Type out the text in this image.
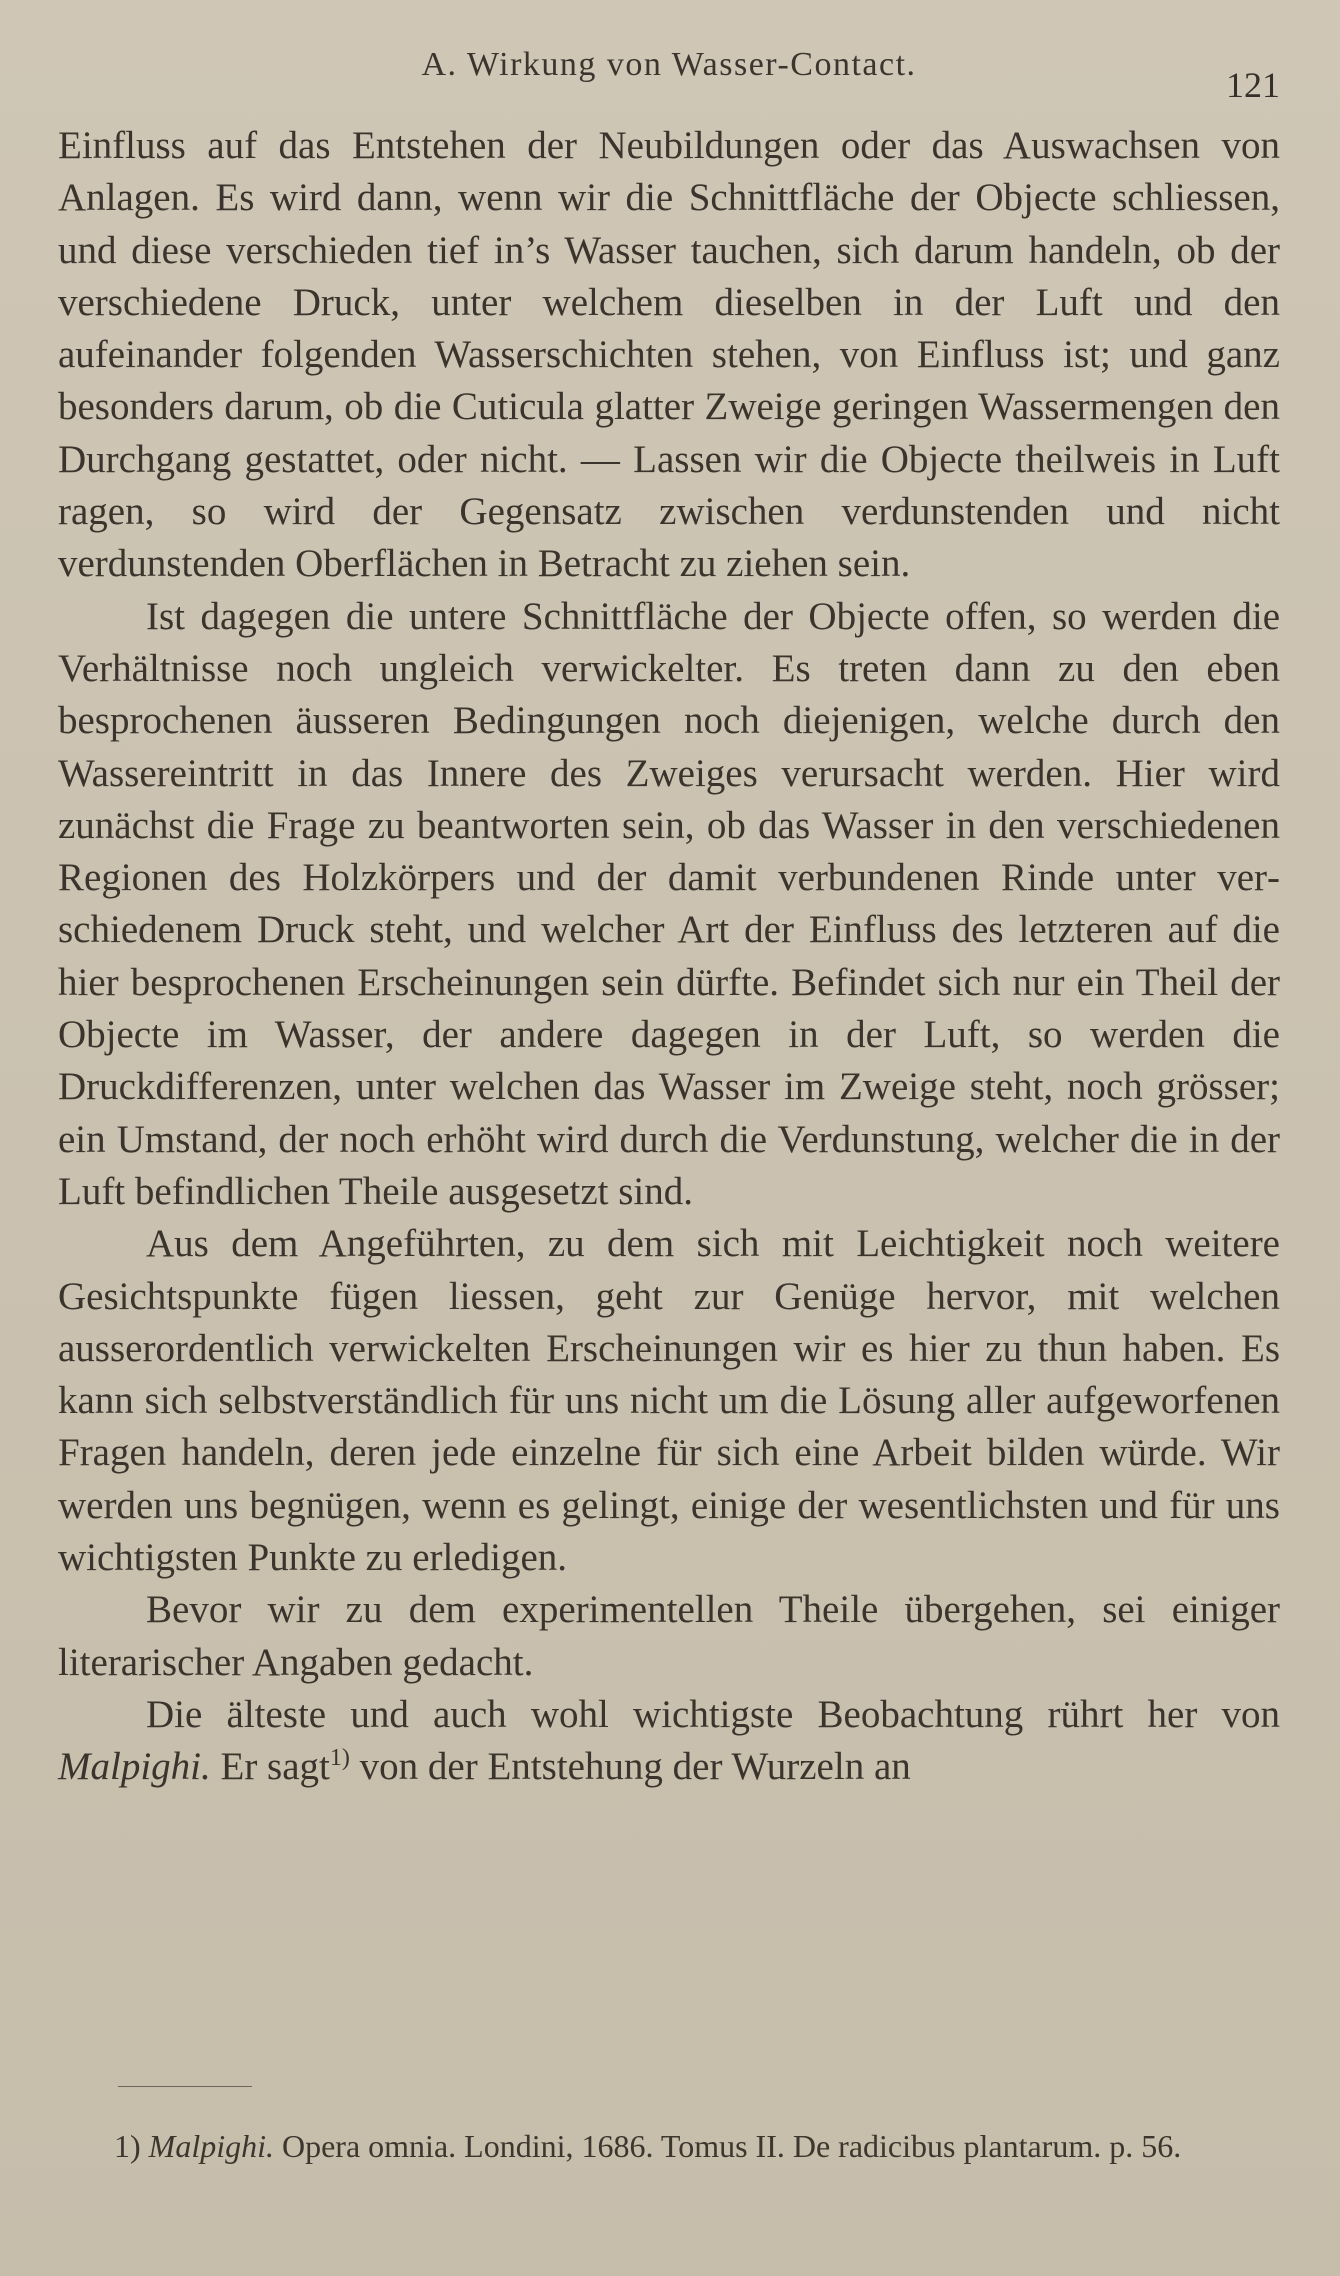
A. Wirkung von Wasser-Contact.
121

Einfluss auf das Entstehen der Neubildungen oder das Auswachsen von Anlagen. Es wird dann, wenn wir die Schnittfläche der Objecte schliessen, und diese verschieden tief in’s Wasser tauchen, sich darum handeln, ob der verschiedene Druck, unter welchem dieselben in der Luft und den aufeinander folgenden Wasserschichten stehen, von Einfluss ist; und ganz besonders darum, ob die Cuticula glatter Zweige geringen Wassermengen den Durchgang gestattet, oder nicht. — Lassen wir die Objecte theilweis in Luft ragen, so wird der Gegensatz zwischen verdunstenden und nicht verdunstenden Oberflächen in Betracht zu ziehen sein.

Ist dagegen die untere Schnittfläche der Objecte offen, so werden die Verhältnisse noch ungleich verwickelter. Es treten dann zu den eben besprochenen äusseren Bedingungen noch diejenigen, welche durch den Wassereintritt in das Innere des Zweiges verursacht werden. Hier wird zunächst die Frage zu beantworten sein, ob das Wasser in den verschiedenen Regionen des Holzkörpers und der damit verbundenen Rinde unter verschiedenem Druck steht, und welcher Art der Einfluss des letzteren auf die hier besprochenen Erscheinungen sein dürfte. Befindet sich nur ein Theil der Objecte im Wasser, der andere dagegen in der Luft, so werden die Druckdifferenzen, unter welchen das Wasser im Zweige steht, noch grösser; ein Umstand, der noch erhöht wird durch die Verdunstung, welcher die in der Luft befindlichen Theile ausgesetzt sind.

Aus dem Angeführten, zu dem sich mit Leichtigkeit noch weitere Gesichtspunkte fügen liessen, geht zur Genüge hervor, mit welchen ausserordentlich verwickelten Erscheinungen wir es hier zu thun haben. Es kann sich selbstverständlich für uns nicht um die Lösung aller aufgeworfenen Fragen handeln, deren jede einzelne für sich eine Arbeit bilden würde. Wir werden uns begnügen, wenn es gelingt, einige der wesentlichsten und für uns wichtigsten Punkte zu erledigen.

Bevor wir zu dem experimentellen Theile übergehen, sei einiger literarischer Angaben gedacht.

Die älteste und auch wohl wichtigste Beobachtung rührt her von Malpighi. Er sagt$^{1)}$ von der Entstehung der Wurzeln an

1) Malpighi. Opera omnia. Londini, 1686. Tomus II. De radicibus plantarum. p. 56.
